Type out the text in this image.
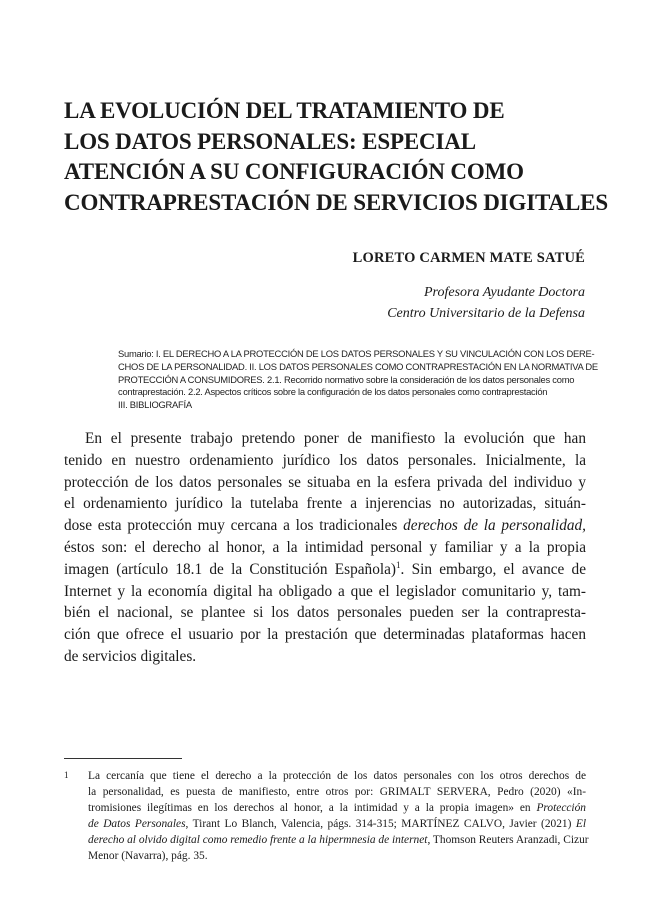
LA EVOLUCIÓN DEL TRATAMIENTO DE
LOS DATOS PERSONALES: ESPECIAL
ATENCIÓN A SU CONFIGURACIÓN COMO
CONTRAPRESTACIÓN DE SERVICIOS DIGITALES
LORETO CARMEN MATE SATUÉ
Profesora Ayudante Doctora
Centro Universitario de la Defensa
Sumario: I. EL DERECHO A LA PROTECCIÓN DE LOS DATOS PERSONALES Y SU VINCULACIÓN CON LOS DERE-
CHOS DE LA PERSONALIDAD. II. LOS DATOS PERSONALES COMO CONTRAPRESTACIÓN EN LA NORMATIVA DE
PROTECCIÓN A CONSUMIDORES. 2.1. Recorrido normativo sobre la consideración de los datos personales como
contraprestación. 2.2. Aspectos críticos sobre la configuración de los datos personales como contraprestación
III. BIBLIOGRAFÍA
En el presente trabajo pretendo poner de manifiesto la evolución que han
tenido en nuestro ordenamiento jurídico los datos personales. Inicialmente, la
protección de los datos personales se situaba en la esfera privada del individuo y
el ordenamiento jurídico la tutelaba frente a injerencias no autorizadas, situán-
dose esta protección muy cercana a los tradicionales derechos de la personalidad,
éstos son: el derecho al honor, a la intimidad personal y familiar y a la propia
imagen (artículo 18.1 de la Constitución Española)$^1$. Sin embargo, el avance de
Internet y la economía digital ha obligado a que el legislador comunitario y, tam-
bién el nacional, se plantee si los datos personales pueden ser la contrapresta-
ción que ofrece el usuario por la prestación que determinadas plataformas hacen
de servicios digitales.
1 La cercanía que tiene el derecho a la protección de los datos personales con los otros derechos de
la personalidad, es puesta de manifiesto, entre otros por: GRIMALT SERVERA, Pedro (2020) «In-
tromisiones ilegítimas en los derechos al honor, a la intimidad y a la propia imagen» en Protección
de Datos Personales, Tirant Lo Blanch, Valencia, págs. 314-315; MARTÍNEZ CALVO, Javier (2021) El
derecho al olvido digital como remedio frente a la hipermnesia de internet, Thomson Reuters Aranzadi, Cizur
Menor (Navarra), pág. 35.
